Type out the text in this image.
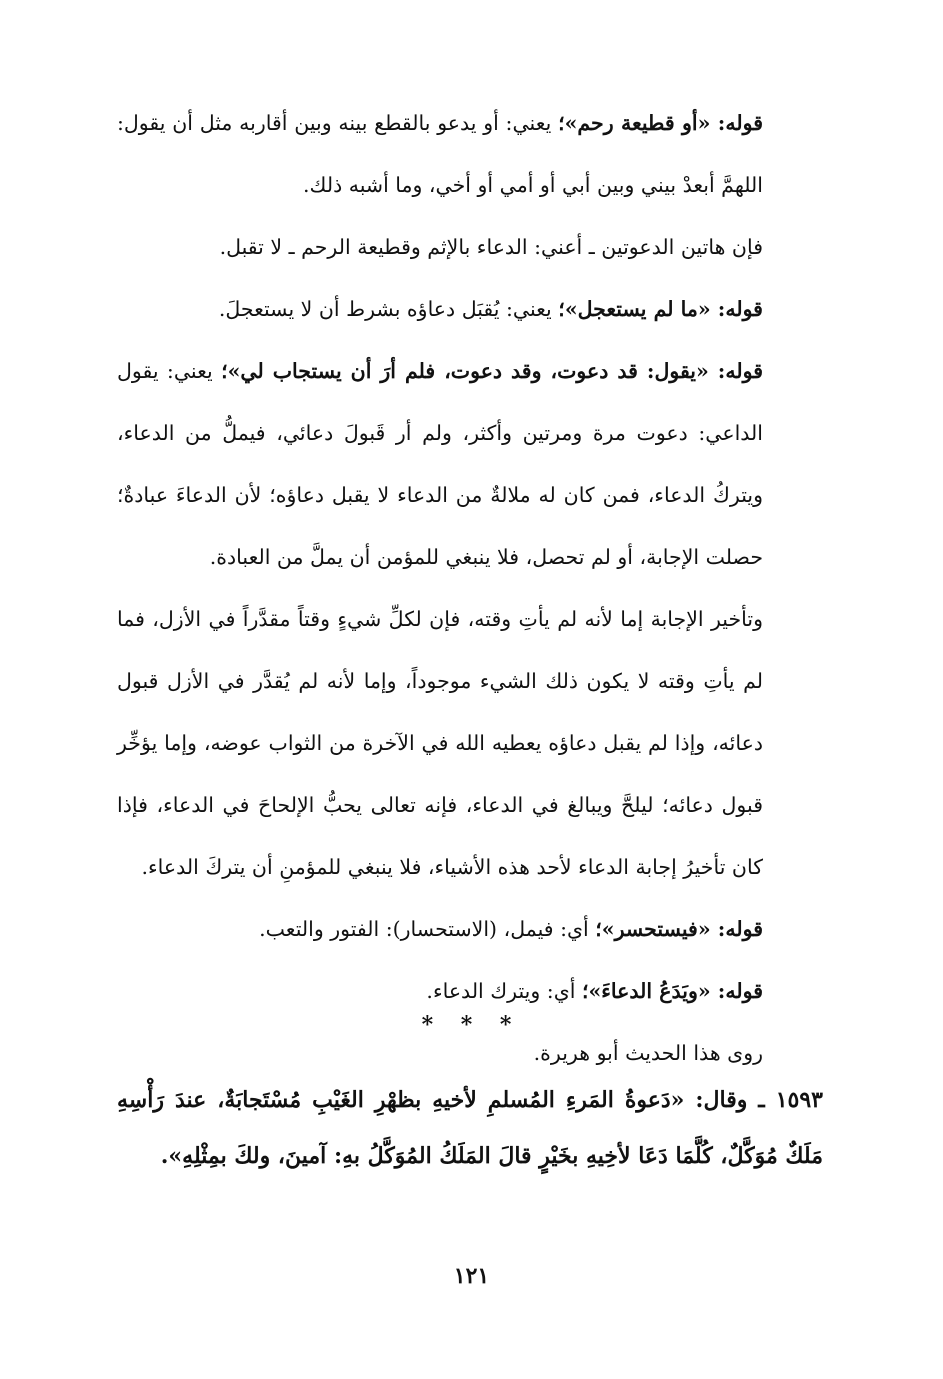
قوله: «أو قطيعة رحم»؛ يعني: أو يدعو بالقطع بينه وبين أقاربه مثل أن يقول: اللهمَّ أبعدْ بيني وبين أبي أو أمي أو أخي، وما أشبه ذلك.

فإن هاتين الدعوتين ـ أعني: الدعاء بالإثم وقطيعة الرحم ـ لا تقبل.

قوله: «ما لم يستعجل»؛ يعني: يُقبَل دعاؤه بشرط أن لا يستعجلَ.

قوله: «يقول: قد دعوت، وقد دعوت، فلم أرَ أن يستجاب لي»؛ يعني: يقول الداعي: دعوت مرة ومرتين وأكثر، ولم أر قَبولَ دعائي، فيملُّ من الدعاء، ويتركُ الدعاء، فمن كان له ملالةٌ من الدعاء لا يقبل دعاؤه؛ لأن الدعاءَ عبادةٌ؛ حصلت الإجابة، أو لم تحصل، فلا ينبغي للمؤمن أن يملَّ من العبادة.

وتأخير الإجابة إما لأنه لم يأتِ وقته، فإن لكلِّ شيءٍ وقتاً مقدَّراً في الأزل، فما لم يأتِ وقته لا يكون ذلك الشيء موجوداً، وإما لأنه لم يُقدَّر في الأزل قبول دعائه، وإذا لم يقبل دعاؤه يعطيه الله في الآخرة من الثواب عوضه، وإما يؤخِّر قبول دعائه؛ ليلحَّ ويبالغ في الدعاء، فإنه تعالى يحبُّ الإلحاحَ في الدعاء، فإذا كان تأخيرُ إجابة الدعاء لأحد هذه الأشياء، فلا ينبغي للمؤمنِ أن يتركَ الدعاء.

قوله: «فيستحسر»؛ أي: فيمل، (الاستحسار): الفتور والتعب.

قوله: «ويَدَعُ الدعاءَ»؛ أي: ويترك الدعاء.

روى هذا الحديث أبو هريرة.

* * *

١٥٩٣ ـ وقال: «دَعوةُ المَرءِ المُسلمِ لأخيهِ بظهْرِ الغَيْبِ مُسْتَجابَةٌ، عندَ رَأْسِهِ مَلَكٌ مُوَكَّلٌ، كُلَّمَا دَعَا لأخِيهِ بخَيْرٍ قالَ المَلَكُ المُوَكَّلُ بهِ: آمينَ، ولكَ بمِثْلِهِ».

١٢١
